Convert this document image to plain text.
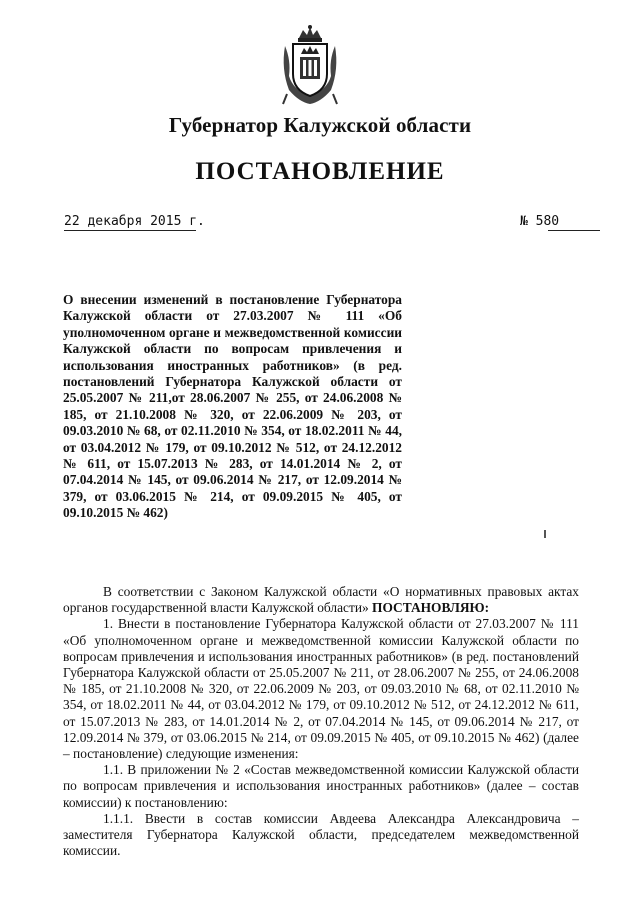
Губернатор Калужской области
ПОСТАНОВЛЕНИЕ
22 декабря 2015 г.	№ 580
О внесении изменений в постановление Губернатора Калужской области от 27.03.2007 № 111 «Об уполномоченном органе и межведомственной комиссии Калужской области по вопросам привлечения и использования иностранных работников» (в ред. постановлений Губернатора Калужской области от 25.05.2007 № 211,от 28.06.2007 № 255, от 24.06.2008 № 185, от 21.10.2008 № 320, от 22.06.2009 № 203, от 09.03.2010 № 68, от 02.11.2010 № 354, от 18.02.2011 № 44, от 03.04.2012 № 179, от 09.10.2012 № 512, от 24.12.2012 № 611, от 15.07.2013 № 283, от 14.01.2014 № 2, от 07.04.2014 № 145, от 09.06.2014 № 217, от 12.09.2014 № 379, от 03.06.2015 № 214, от 09.09.2015 № 405, от 09.10.2015 № 462)

В соответствии с Законом Калужской области «О нормативных правовых актах органов государственной власти Калужской области» ПОСТАНОВЛЯЮ:

1. Внести в постановление Губернатора Калужской области от 27.03.2007 № 111 «Об уполномоченном органе и межведомственной комиссии Калужской области по вопросам привлечения и использования иностранных работников» (в ред. постановлений Губернатора Калужской области от 25.05.2007 № 211, от 28.06.2007 № 255, от 24.06.2008 № 185, от 21.10.2008 № 320, от 22.06.2009 № 203, от 09.03.2010 № 68, от 02.11.2010 № 354, от 18.02.2011 № 44, от 03.04.2012 № 179, от 09.10.2012 № 512, от 24.12.2012 № 611, от 15.07.2013 № 283, от 14.01.2014 № 2, от 07.04.2014 № 145, от 09.06.2014 № 217, от 12.09.2014 № 379, от 03.06.2015 № 214, от 09.09.2015 № 405, от 09.10.2015 № 462) (далее – постановление) следующие изменения:

1.1. В приложении № 2 «Состав межведомственной комиссии Калужской области по вопросам привлечения и использования иностранных работников» (далее – состав комиссии) к постановлению:

1.1.1. Ввести в состав комиссии Авдеева Александра Александровича – заместителя Губернатора Калужской области, председателем межведомственной комиссии.
